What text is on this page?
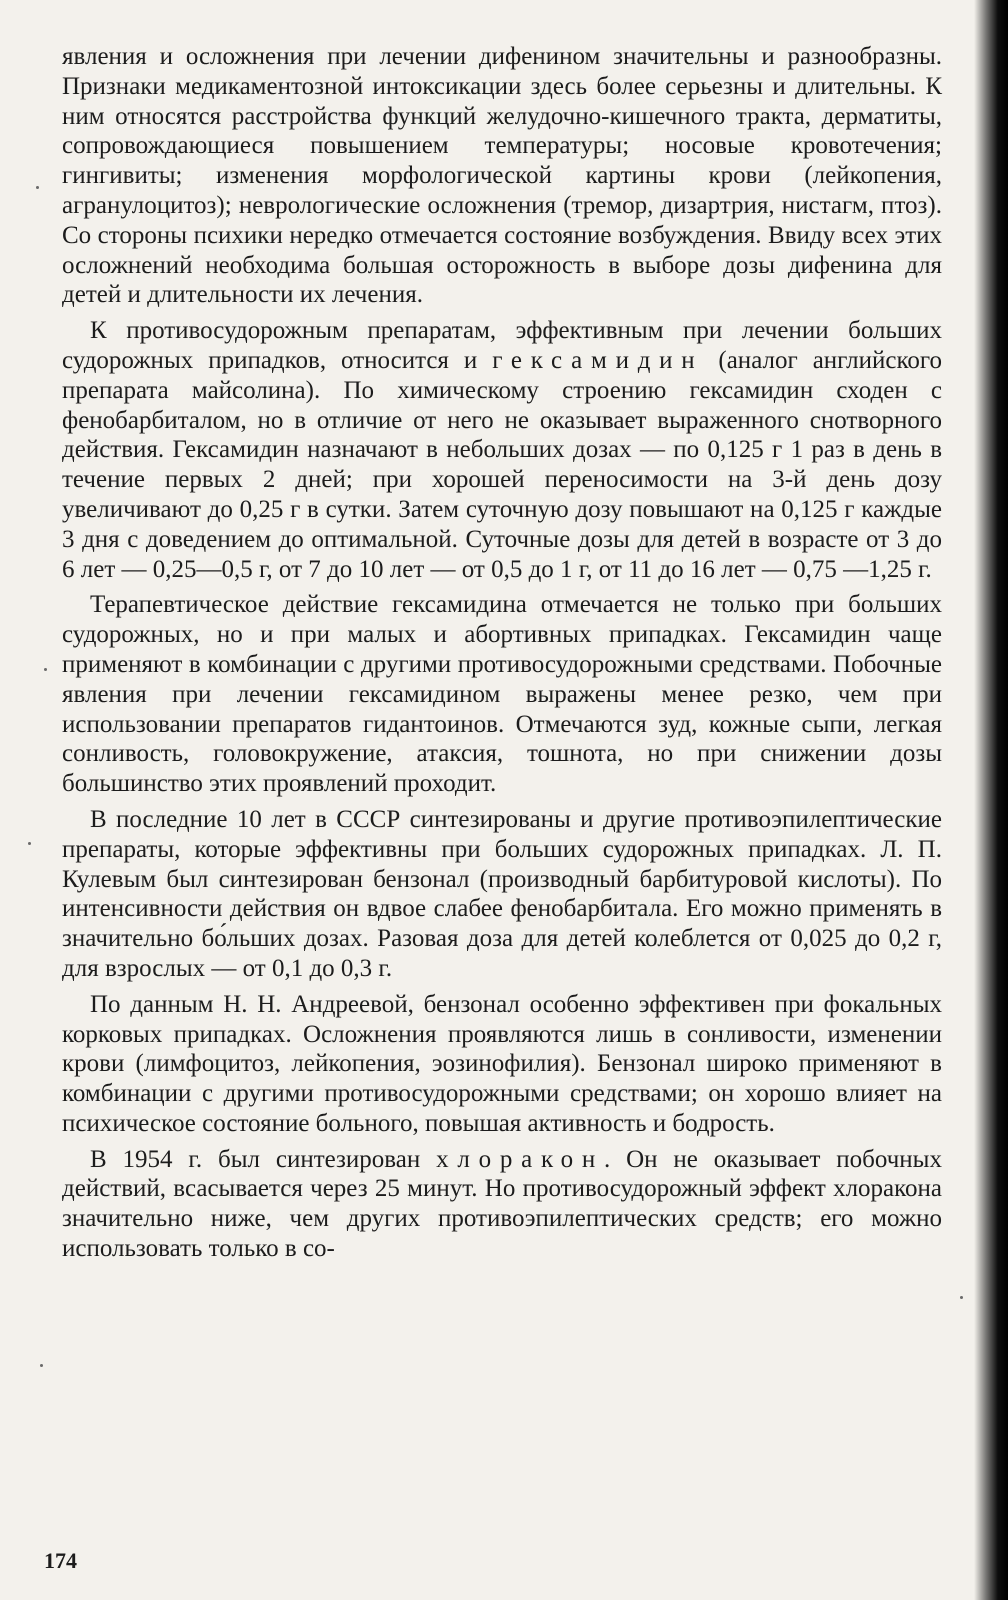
явления и осложнения при лечении дифенином значительны и разнообразны. Признаки медикаментозной интоксикации здесь более серьезны и длительны. К ним относятся расстройства функций желудочно-кишечного тракта, дерматиты, сопровождающиеся повышением температуры; носовые кровотечения; гингивиты; изменения морфологической картины крови (лейкопения, агранулоцитоз); неврологические осложнения (тремор, дизартрия, нистагм, птоз). Со стороны психики нередко отмечается состояние возбуждения. Ввиду всех этих осложнений необходима большая осторожность в выборе дозы дифенина для детей и длительности их лечения.

К противосудорожным препаратам, эффективным при лечении больших судорожных припадков, относится и гексамидин (аналог английского препарата майсолина). По химическому строению гексамидин сходен с фенобарбиталом, но в отличие от него не оказывает выраженного снотворного действия. Гексамидин назначают в небольших дозах — по 0,125 г 1 раз в день в течение первых 2 дней; при хорошей переносимости на 3-й день дозу увеличивают до 0,25 г в сутки. Затем суточную дозу повышают на 0,125 г каждые 3 дня с доведением до оптимальной. Суточные дозы для детей в возрасте от 3 до 6 лет — 0,25—0,5 г, от 7 до 10 лет — от 0,5 до 1 г, от 11 до 16 лет — 0,75 —1,25 г.

Терапевтическое действие гексамидина отмечается не только при больших судорожных, но и при малых и абортивных припадках. Гексамидин чаще применяют в комбинации с другими противосудорожными средствами. Побочные явления при лечении гексамидином выражены менее резко, чем при использовании препаратов гидантоинов. Отмечаются зуд, кожные сыпи, легкая сонливость, головокружение, атаксия, тошнота, но при снижении дозы большинство этих проявлений проходит.

В последние 10 лет в СССР синтезированы и другие противоэпилептические препараты, которые эффективны при больших судорожных припадках. Л. П. Кулевым был синтезирован бензонал (производный барбитуровой кислоты). По интенсивности действия он вдвое слабее фенобарбитала. Его можно применять в значительно бо́льших дозах. Разовая доза для детей колеблется от 0,025 до 0,2 г, для взрослых — от 0,1 до 0,3 г.

По данным Н. Н. Андреевой, бензонал особенно эффективен при фокальных корковых припадках. Осложнения проявляются лишь в сонливости, изменении крови (лимфоцитоз, лейкопения, эозинофилия). Бензонал широко применяют в комбинации с другими противосудорожными средствами; он хорошо влияет на психическое состояние больного, повышая активность и бодрость.

В 1954 г. был синтезирован хлоракон. Он не оказывает побочных действий, всасывается через 25 минут. Но противосудорожный эффект хлоракона значительно ниже, чем других противоэпилептических средств; его можно использовать только в со-

174
